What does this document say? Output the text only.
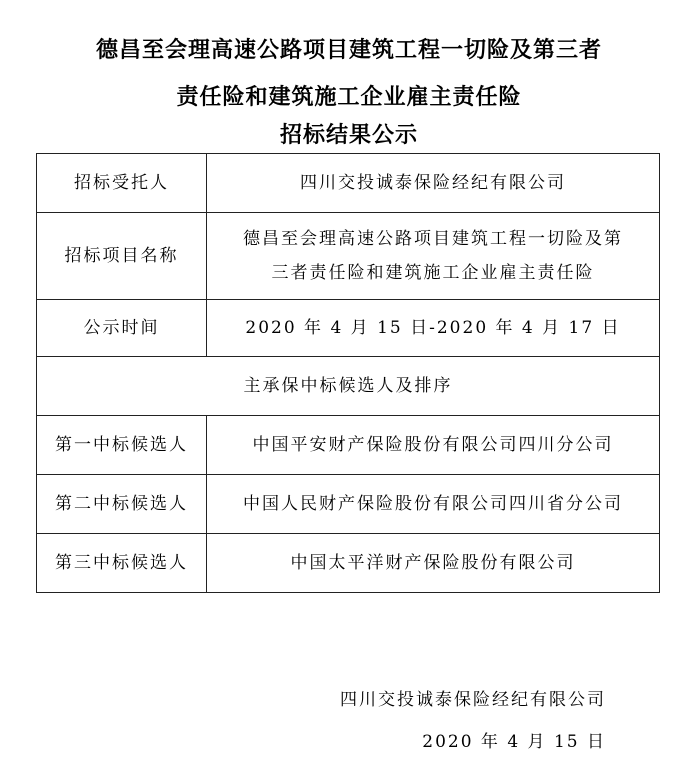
德昌至会理高速公路项目建筑工程一切险及第三者
责任险和建筑施工企业雇主责任险
招标结果公示
招标受托人	四川交投诚泰保险经纪有限公司
招标项目名称	德昌至会理高速公路项目建筑工程一切险及第
三者责任险和建筑施工企业雇主责任险

公示时间	2020 年 4 月 15 日-2020 年 4 月 17 日
主承保中标候选人及排序	
第一中标候选人	中国平安财产保险股份有限公司四川分公司
第二中标候选人	中国人民财产保险股份有限公司四川省分公司
第三中标候选人	中国太平洋财产保险股份有限公司
四川交投诚泰保险经纪有限公司
2020 年 4 月 15 日
